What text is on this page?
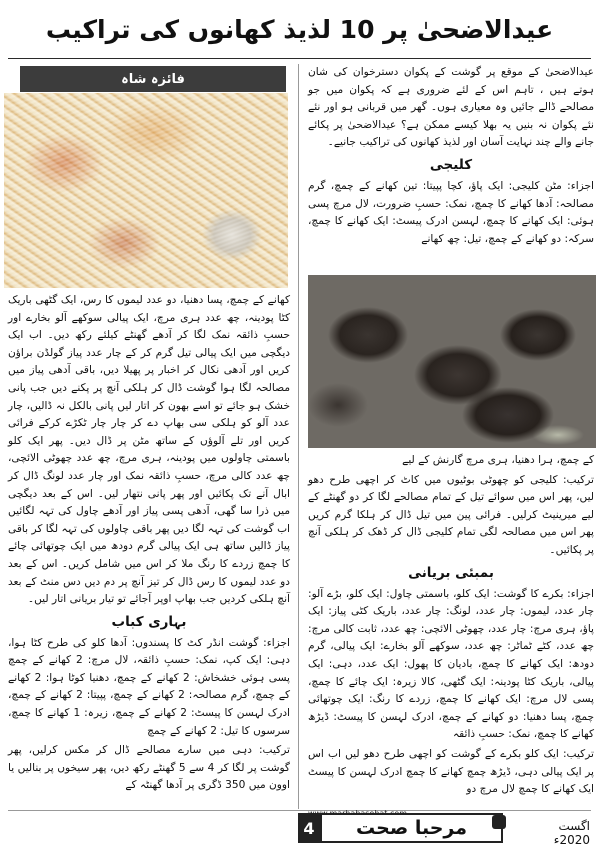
عیدالاضحیٰ پر 10 لذیذ کھانوں کی تراکیب

عیدالاضحیٰ کے موقع پر گوشت کے پکوان دسترخوان کی شان ہوتے ہیں ، تاہم اس کے لئے ضروری ہے کہ پکوان میں جو مصالحے ڈالے جائیں وہ معیاری ہوں۔ گھر میں قربانی ہو اور نئے نئے پکوان نہ بنیں یہ بھلا کیسے ممکن ہے؟ عیدالاضحیٰ پر پکائے جانے والے چند نہایت آسان اور لذیذ کھانوں کی تراکیب جانیے۔

کلیجی

اجزاء: مٹن کلیجی: ایک پاؤ، کچا پپیتا: تین کھانے کے چمچ، گرم مصالحہ: آدھا کھانے کا چمچ، نمک: حسبِ ضرورت، لال مرچ پسی ہوئی: ایک کھانے کا چمچ، لہسن ادرک پیسٹ: ایک کھانے کا چمچ، سرکہ: دو کھانے کے چمچ، تیل: چھ کھانے

کے چمچ، ہرا دھنیا، ہری مرچ گارنش کے لیے

ترکیب: کلیجی کو چھوٹی بوٹیوں میں کاٹ کر اچھی طرح دھو لیں، پھر اس میں سوائے تیل کے تمام مصالحے لگا کر دو گھنٹے کے لیے میرینیٹ کرلیں۔ فرائی پین میں تیل ڈال کر ہلکا گرم کریں پھر اس میں مصالحہ لگی تمام کلیجی ڈال کر ڈھک کر ہلکی آنچ پر پکائیں۔

بمبئی بریانی

اجزاء: بکرے کا گوشت: ایک کلو، باسمتی چاول: ایک کلو، بڑے آلو: چار عدد، لیموں: چار عدد، لونگ: چار عدد، باریک کٹی پیاز: ایک پاؤ، ہری مرچ: چار عدد، چھوٹی الائچی: چھ عدد، ثابت کالی مرچ: چھ عدد، کٹے ٹماٹر: چھ عدد، سوکھے آلو بخارے: ایک پیالی، گرم دودھ: ایک کھانے کا چمچ، بادیان کا پھول: ایک عدد، دہی: ایک پیالی، باریک کٹا پودینہ: ایک گٹھی، کالا زیرہ: ایک چائے کا چمچ، پسی لال مرچ: ایک کھانے کا چمچ، زردے کا رنگ: ایک چوتھائی چمچ، پسا دھنیا: دو کھانے کے چمچ، ادرک لہسن کا پیسٹ: ڈیڑھ کھانے کا چمچ، نمک: حسبِ ذائقہ

ترکیب: ایک کلو بکرے کے گوشت کو اچھی طرح دھو لیں اب اس پر ایک پیالی دہی، ڈیڑھ چمچ کھانے کا چمچ ادرک لہسن کا پیسٹ ایک کھانے کا چمچ لال مرچ دو

فائزہ شاہ

کھانے کے چمچ، پسا دھنیا، دو عدد لیموں کا رس، ایک گٹھی باریک کٹا پودینہ، چھ عدد ہری مرچ، ایک پیالی سوکھے آلو بخارے اور حسبِ ذائقہ نمک لگا کر آدھے گھنٹے کیلئے رکھ دیں۔ اب ایک دیگچی میں ایک پیالی تیل گرم کر کے چار عدد پیاز گولڈن براؤن کریں اور آدھی نکال کر اخبار پر پھیلا دیں، باقی آدھی پیاز میں مصالحہ لگا ہوا گوشت ڈال کر ہلکی آنچ پر پکنے دیں جب پانی خشک ہو جائے تو اسے بھون کر اتار لیں پانی بالکل نہ ڈالیں، چار عدد آلو کو ہلکی سی بھاپ دے کر چار چار ٹکڑے کرکے فرائی کریں اور تلے آلوؤں کے ساتھ مٹن پر ڈال دیں۔ پھر ایک کلو باسمتی چاولوں میں پودینہ، ہری مرچ، چھ عدد چھوٹی الائچی، چھ عدد کالی مرچ، حسبِ ذائقہ نمک اور چار عدد لونگ ڈال کر ابال آنے تک پکائیں اور پھر پانی نتھار لیں۔ اس کے بعد دیگچی میں ذرا سا گھی، آدھی پسی پیاز اور آدھے چاول کی تہہ لگائیں اب گوشت کی تہہ لگا دیں پھر باقی چاولوں کی تہہ لگا کر باقی پیاز ڈالیں ساتھ ہی ایک پیالی گرم دودھ میں ایک چوتھائی چائے کا چمچ زردے کا رنگ ملا کر اس میں شامل کریں۔ اس کے بعد دو عدد لیموں کا رس ڈال کر تیز آنچ پر دم دیں دس منٹ کے بعد آنچ ہلکی کردیں جب بھاپ اوپر آجائے تو تیار بریانی اتار لیں۔

بہاری کباب

اجزاء: گوشت انڈر کٹ کا پسندوں: آدھا کلو کی طرح کٹا ہوا، دہی: ایک کپ، نمک: حسبِ ذائقہ، لال مرچ: 2 کھانے کے چمچ پسی ہوئی خشخاش: 2 کھانے کے چمچ، دھنیا کوٹا ہوا: 2 کھانے کے چمچ، گرم مصالحہ: 2 کھانے کے چمچ، پپیتا: 2 کھانے کے چمچ، ادرک لہسن کا پیسٹ: 2 کھانے کے چمچ، زیرہ: 1 کھانے کا چمچ، سرسوں کا تیل: 2 کھانے کے چمچ

ترکیب: دہی میں سارے مصالحے ڈال کر مکس کرلیں، پھر گوشت پر لگا کر 4 سے 5 گھنٹے رکھ دیں، پھر سیخوں پر بنالیں یا اوون میں 350 ڈگری پر آدھا گھنٹہ کے

4	مرحبا صحت	اگست 2020ء
